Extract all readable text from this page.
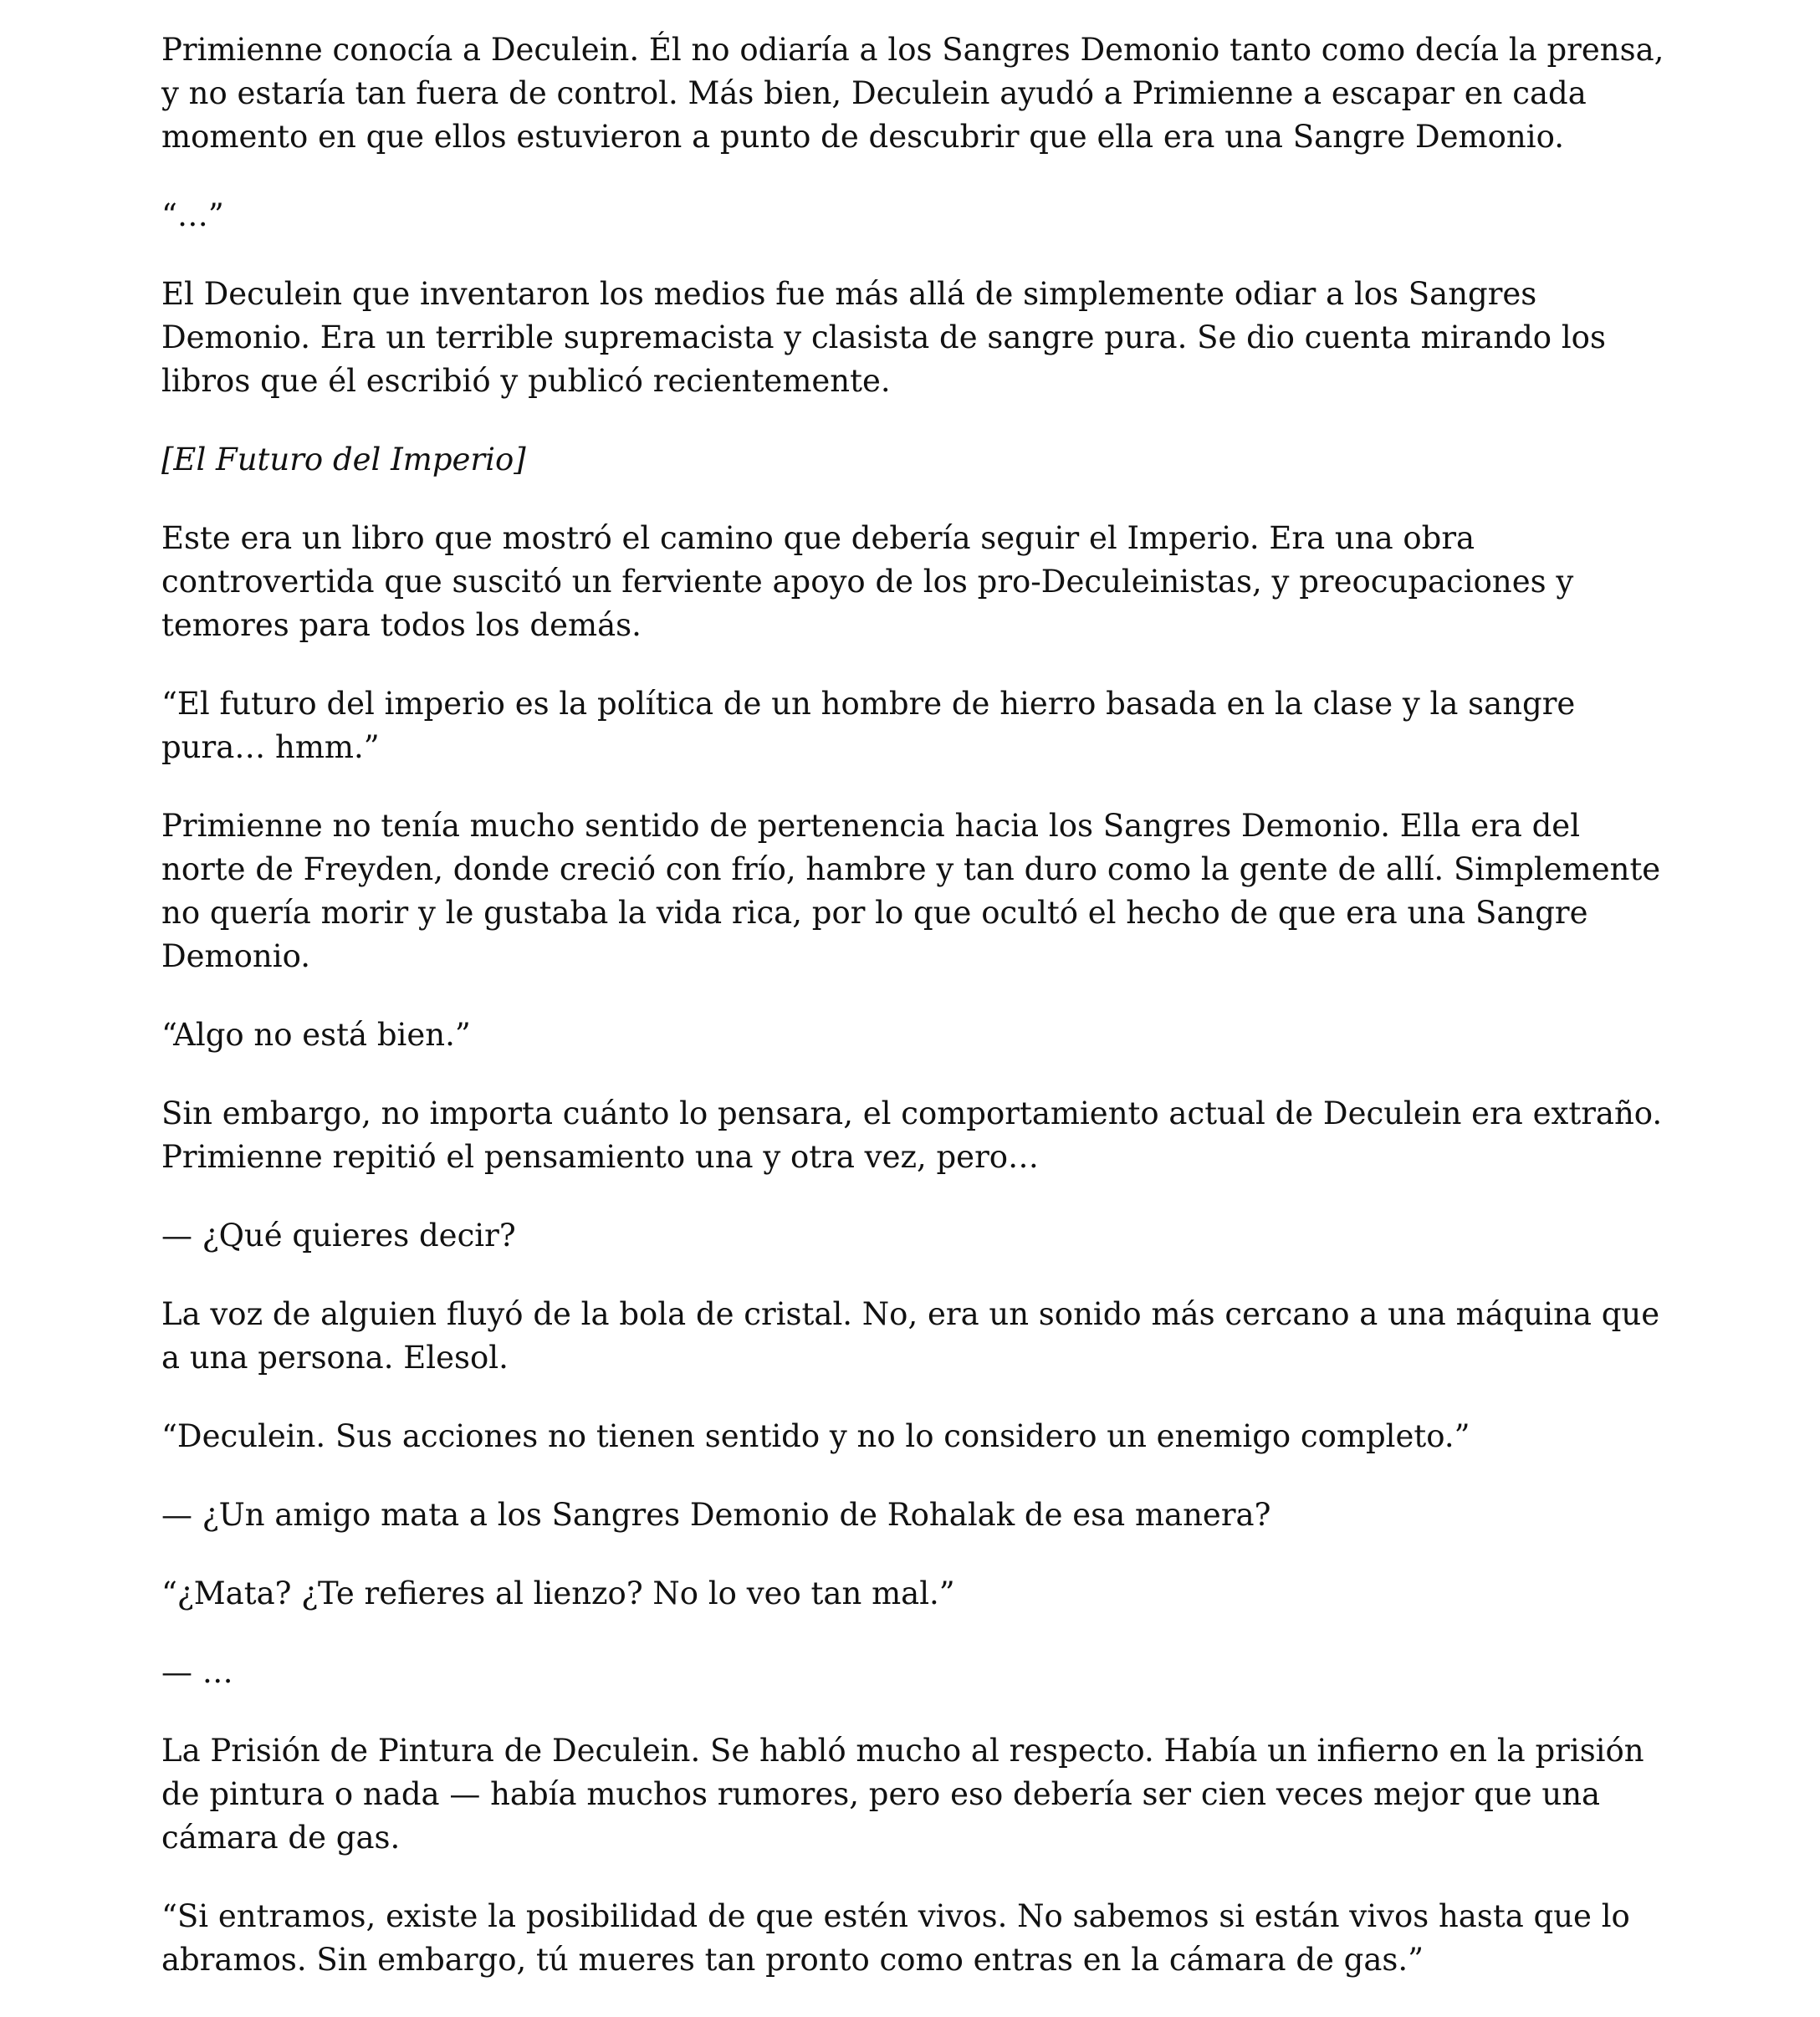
Primienne conocía a Deculein. Él no odiaría a los Sangres Demonio tanto como decía la prensa, y no estaría tan fuera de control. Más bien, Deculein ayudó a Primienne a escapar en cada momento en que ellos estuvieron a punto de descubrir que ella era una Sangre Demonio.

“…”

El Deculein que inventaron los medios fue más allá de simplemente odiar a los Sangres Demonio. Era un terrible supremacista y clasista de sangre pura. Se dio cuenta mirando los libros que él escribió y publicó recientemente.

[El Futuro del Imperio]

Este era un libro que mostró el camino que debería seguir el Imperio. Era una obra controvertida que suscitó un ferviente apoyo de los pro-Deculeinistas, y preocupaciones y temores para todos los demás.

“El futuro del imperio es la política de un hombre de hierro basada en la clase y la sangre pura… hmm.”

Primienne no tenía mucho sentido de pertenencia hacia los Sangres Demonio. Ella era del norte de Freyden, donde creció con frío, hambre y tan duro como la gente de allí. Simplemente no quería morir y le gustaba la vida rica, por lo que ocultó el hecho de que era una Sangre Demonio.

“Algo no está bien.”

Sin embargo, no importa cuánto lo pensara, el comportamiento actual de Deculein era extraño. Primienne repitió el pensamiento una y otra vez, pero…

— ¿Qué quieres decir?

La voz de alguien fluyó de la bola de cristal. No, era un sonido más cercano a una máquina que a una persona. Elesol.

“Deculein. Sus acciones no tienen sentido y no lo considero un enemigo completo.”

— ¿Un amigo mata a los Sangres Demonio de Rohalak de esa manera?

“¿Mata? ¿Te refieres al lienzo? No lo veo tan mal.”

— …

La Prisión de Pintura de Deculein. Se habló mucho al respecto. Había un infierno en la prisión de pintura o nada — había muchos rumores, pero eso debería ser cien veces mejor que una cámara de gas.

“Si entramos, existe la posibilidad de que estén vivos. No sabemos si están vivos hasta que lo abramos. Sin embargo, tú mueres tan pronto como entras en la cámara de gas.”
